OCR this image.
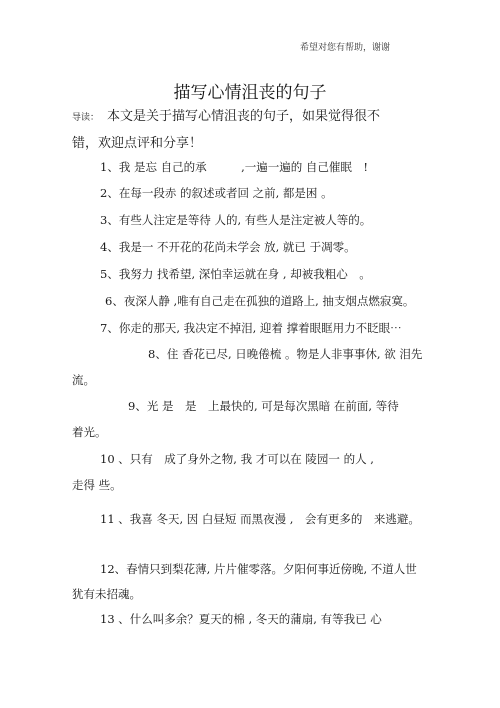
希望对您有帮助，谢谢
描写心情沮丧的句子
导读： 本文是关于描写心情沮丧的句子，如果觉得很不错，欢迎点评和分享！
1、我 是忘 自己的承　　　,一遍一遍的 自己催眠　!
2、在每一段赤 的叙述或者回 之前, 都是困 。
3、有些人注定是等待 人的, 有些人是注定被人等的。
4、我是一 不开花的花尚未学会 放, 就已 于凋零。
5、我努力 找希望, 深怕幸运就在身 , 却被我粗心　。
6、夜深人静 ,唯有自己走在孤独的道路上, 抽支烟点燃寂寞。
7、你走的那天, 我决定不掉泪, 迎着 撑着眼眶用力不眨眼⋯
8、住 香花已尽, 日晚倦梳 。物是人非事事休, 欲 泪先
流。
9、光 是　是　上最快的, 可是每次黑暗 在前面, 等待
着光。
10 、只有　成了身外之物, 我 才可以在 陵园一 的人 ,
走得 些。
11 、我喜 冬天, 因 白昼短 而黑夜漫 ,　会有更多的　来逃避。
12、春情只到梨花薄, 片片催零落。夕阳何事近傍晚, 不道人世
犹有未招魂。
13 、什么叫多余？夏天的棉 , 冬天的蒲扇, 有等我已 心
